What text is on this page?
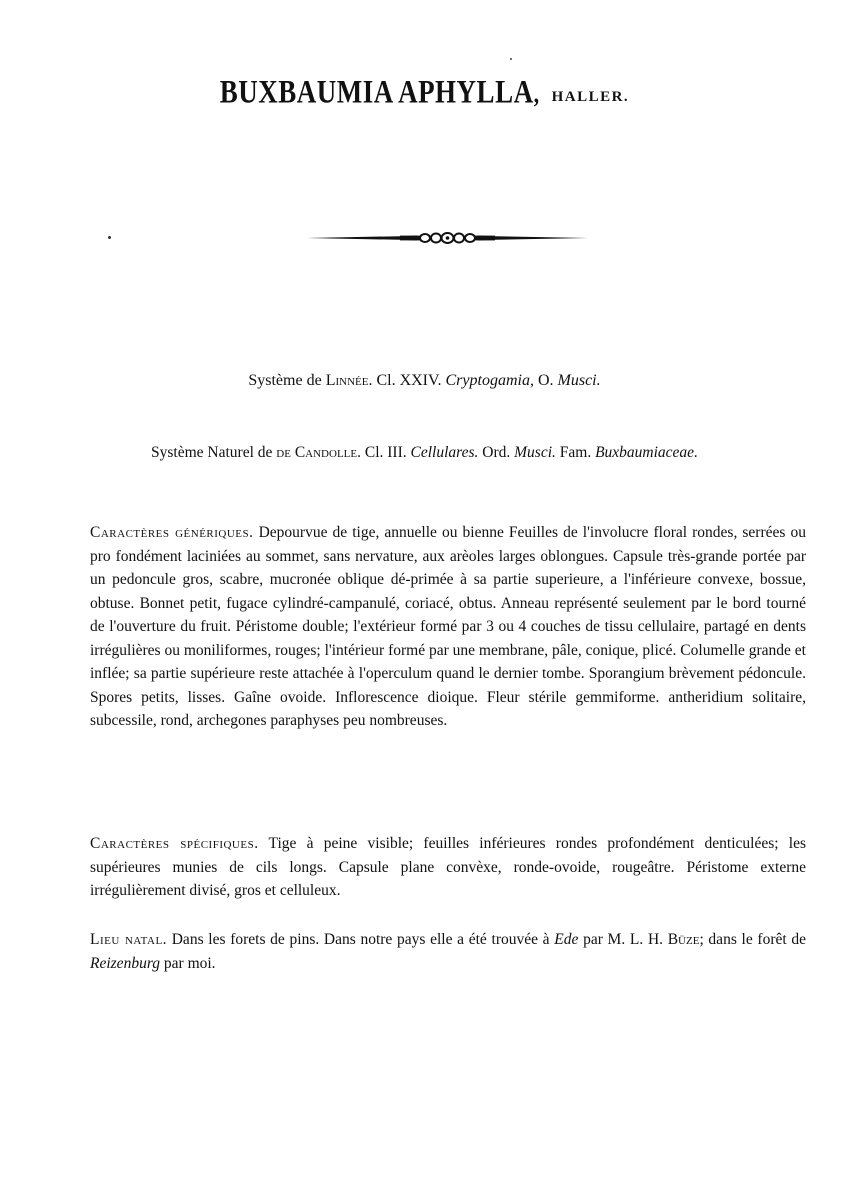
BUXBAUMIA APHYLLA, HALLER.

Système de Linnée. Cl. XXIV. Cryptogamia, O. Musci.

Système Naturel de de Candolle. Cl. III. Cellulares. Ord. Musci. Fam. Buxbaumiaceae.

Caractères génériques. Depourvue de tige, annuelle ou bienne Feuilles de l'involucre floral rondes, serrées ou pro fondément laciniées au sommet, sans nervature, aux arèoles larges oblongues. Capsule très-grande portée par un pedoncule gros, scabre, mucronée oblique dé-primée à sa partie superieure, a l'inférieure convexe, bossue, obtuse. Bonnet petit, fugace cylindré-campanulé, coriacé, obtus. Anneau représenté seulement par le bord tourné de l'ouverture du fruit. Péristome double; l'extérieur formé par 3 ou 4 couches de tissu cellulaire, partagé en dents irrégulières ou moniliformes, rouges; l'intérieur formé par une membrane, pâle, conique, plicé. Columelle grande et inflée; sa partie supérieure reste attachée à l'operculum quand le dernier tombe. Sporangium brèvement pédoncule. Spores petits, lisses. Gaîne ovoide. Inflorescence dioique. Fleur stérile gemmiforme. antheridium solitaire, subcessile, rond, archegones paraphyses peu nombreuses.

Caractères spécifiques. Tige à peine visible; feuilles inférieures rondes profondément denticulées; les supérieures munies de cils longs. Capsule plane convèxe, ronde-ovoide, rougeâtre. Péristome externe irrégulièrement divisé, gros et celluleux.

Lieu natal. Dans les forets de pins. Dans notre pays elle a été trouvée à Ede par M. L. H. Büze; dans le forêt de Reizenburg par moi.
